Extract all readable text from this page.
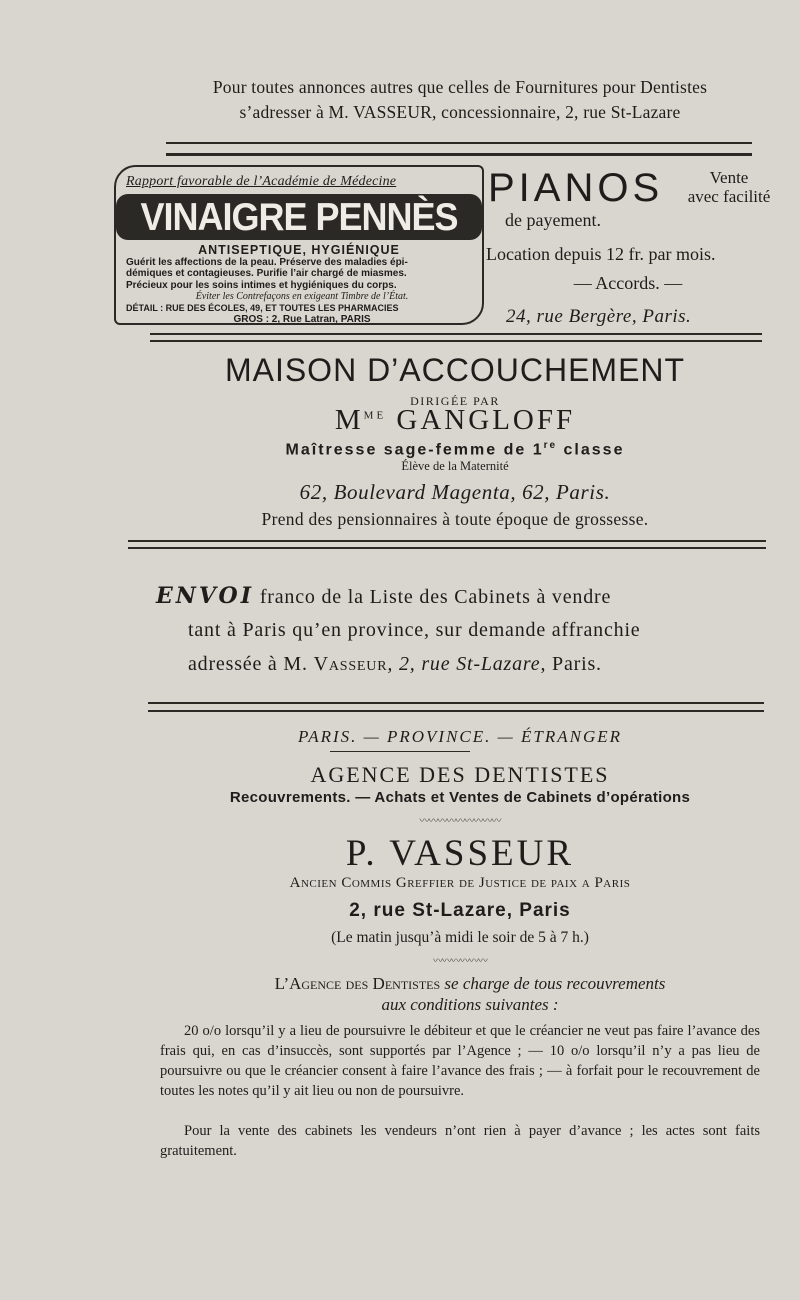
Pour toutes annonces autres que celles de Fournitures pour Dentistes
s’adresser à M. VASSEUR, concessionnaire, 2, rue St-Lazare
Rapport favorable de l’Académie de Médecine
VINAIGRE PENNÈS
ANTISEPTIQUE, HYGIÉNIQUE
Guérit les affections de la peau. Préserve des maladies épi-
démiques et contagieuses. Purifie l’air chargé de miasmes.
Précieux pour les soins intimes et hygiéniques du corps.
Éviter les Contrefaçons en exigeant Timbre de l’État.
DÉTAIL : RUE DES ÉCOLES, 49, ET TOUTES LES PHARMACIES
GROS : 2, Rue Latran, PARIS
PIANOS	Vente
avec facilité
de payement.
Location depuis 12 fr. par mois.
— Accords. —
24, rue Bergère, Paris.
MAISON D’ACCOUCHEMENT
DIRIGÉE PAR
$M^{ME}$ GANGLOFF
Maîtresse sage-femme de 1re classe
Élève de la Maternité
62, Boulevard Magenta, 62, Paris.
Prend des pensionnaires à toute époque de grossesse.
ENVOI franco de la Liste des Cabinets à vendre
tant à Paris qu’en province, sur demande affranchie
adressée à M. Vasseur, 2, rue St-Lazare, Paris.
PARIS. — PROVINCE. — ÉTRANGER
AGENCE DES DENTISTES
Recouvrements. — Achats et Ventes de Cabinets d’opérations
〰〰〰〰〰〰〰〰〰
P. VASSEUR
Ancien Commis Greffier de Justice de paix a Paris
2, rue St-Lazare, Paris
(Le matin jusqu’à midi le soir de 5 à 7 h.)
〰〰〰〰〰〰
L’Agence des Dentistes se charge de tous recouvrements
aux conditions suivantes :
20 o/o lorsqu’il y a lieu de poursuivre le débiteur et que le créancier ne veut pas faire l’avance des frais qui, en cas d’insuccès, sont supportés par l’Agence ; — 10 o/o lorsqu’il n’y a pas lieu de poursuivre ou que le créancier consent à faire l’avance des frais ; — à forfait pour le recouvrement de toutes les notes qu’il y ait lieu ou non de poursuivre.
Pour la vente des cabinets les vendeurs n’ont rien à payer d’avance ; les actes sont faits gratuitement.
